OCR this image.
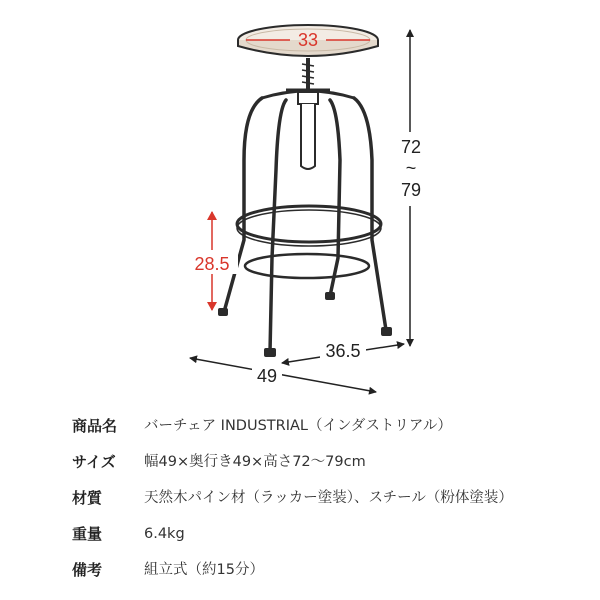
33
72
~
79
28.5
36.5
49
商品名	バーチェア INDUSTRIAL（インダストリアル）
サイズ	幅49×奥行き49×高さ72〜79cm
材質	天然木パイン材（ラッカー塗装）、スチール（粉体塗装）
重量	6.4kg
備考	組立式（約15分）
